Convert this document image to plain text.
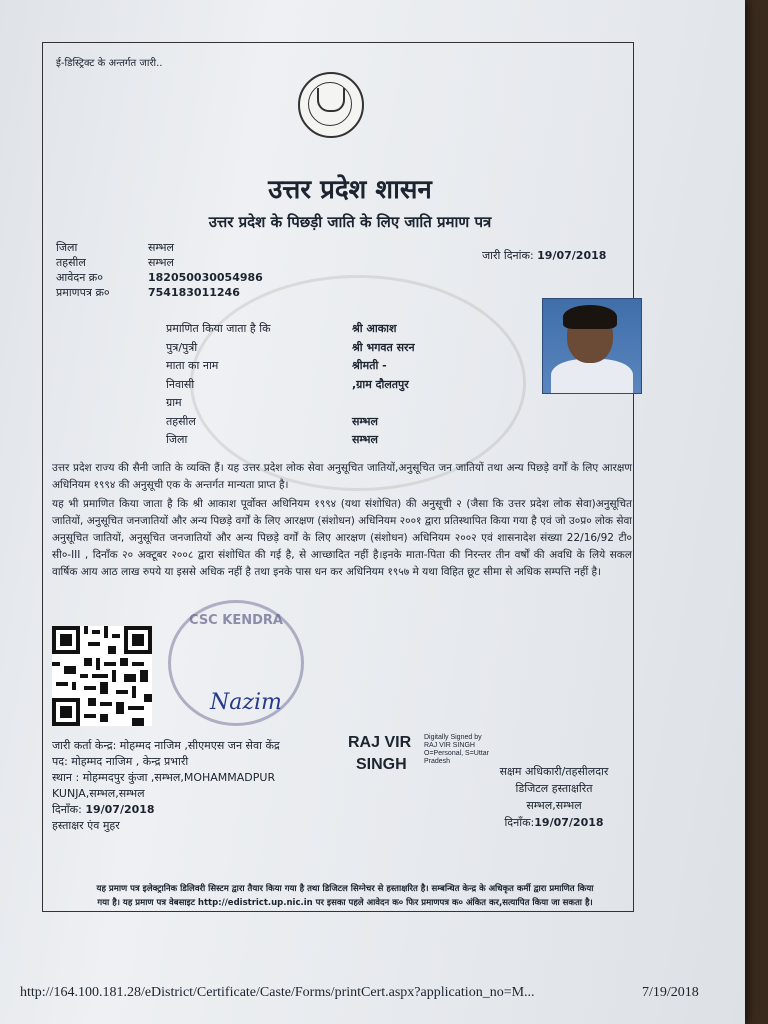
ई-डिस्ट्रिक्ट के अन्तर्गत जारी..
उत्तर प्रदेश शासन
उत्तर प्रदेश के पिछड़ी जाति के लिए जाति प्रमाण पत्र
जिला	सम्भल
तहसील	सम्भल
आवेदन क्र०	182050030054986
प्रमाणपत्र क्र०	754183011246
जारी दिनांक: 19/07/2018
प्रमाणित किया जाता है कि	श्री आकाश
पुत्र/पुत्री	श्री भगवत सरन
माता का नाम	श्रीमती -
निवासी	,ग्राम दौलतपुर
ग्राम
तहसील	सम्भल
जिला	सम्भल
उत्तर प्रदेश राज्य की सैनी जाति के व्यक्ति हैं। यह उत्तर प्रदेश लोक सेवा अनुसूचित जातियों,अनुसूचित जन जातियों तथा अन्य पिछड़े वर्गों के लिए आरक्षण अधिनियम १९९४ की अनुसूची एक के अन्तर्गत मान्यता प्राप्त है।
यह भी प्रमाणित किया जाता है कि श्री आकाश पूर्वोक्त अधिनियम १९९४ (यथा संशोधित) की अनुसूची २ (जैसा कि उत्तर प्रदेश लोक सेवा)अनुसूचित जातियों, अनुसूचित जनजातियों और अन्य पिछड़े वर्गों के लिए आरक्षण (संशोधन) अधिनियम २००१ द्वारा प्रतिस्थापित किया गया है एवं जो उ०प्र० लोक सेवा अनुसूचित जातियों, अनुसूचित जनजातियों और अन्य पिछड़े वर्गों के लिए आरक्षण (संशोधन) अधिनियम २००२ एवं शासनादेश संख्या 22/16/92 टी० सी०-III , दिनाँक २० अक्टूबर २००८ द्वारा संशोधित की गई है, से आच्छादित नहीं है।इनके माता-पिता की निरन्तर तीन वर्षों की अवधि के लिये सकल वार्षिक आय आठ लाख रुपये या इससे अधिक नहीं है तथा इनके पास धन कर अधिनियम १९५७ मे यथा विहित छूट सीमा से अधिक सम्पत्ति नहीं है।
CSC KENDRA
Nazim
जारी कर्ता केन्द्र: मोहम्मद नाजिम ,सीएमएस जन सेवा केंद्र
पद: मोहम्मद नाजिम , केन्द्र प्रभारी
स्थान : मोहम्मदपुर कुंजा ,सम्भल,MOHAMMADPUR
KUNJA,सम्भल,सम्भल
दिनाँक: 19/07/2018
हस्ताक्षर एंव मुहर
RAJ VIR
SINGH
Digitally Signed by
RAJ VIR SINGH
O=Personal, S=Uttar
Pradesh
सक्षम अधिकारी/तहसीलदार
डिजिटल हस्ताक्षरित
सम्भल,सम्भल
दिनाँक:19/07/2018
यह प्रमाण पत्र इलेक्ट्रानिक डिलिवरी सिस्टम द्वारा तैयार किया गया है तथा डिजिटल सिग्नेचर से हस्ताक्षरित है। सम्बन्धित केन्द्र के अधिकृत कर्मी द्वारा प्रमाणित किया
गया है। यह प्रमाण पत्र वेबसाइट http://edistrict.up.nic.in पर इसका पहले आवेदन क० फिर प्रमाणपत्र क० अंकित कर,सत्यापित किया जा सकता है।
http://164.100.181.28/eDistrict/Certificate/Caste/Forms/printCert.aspx?application_no=M...	7/19/2018
